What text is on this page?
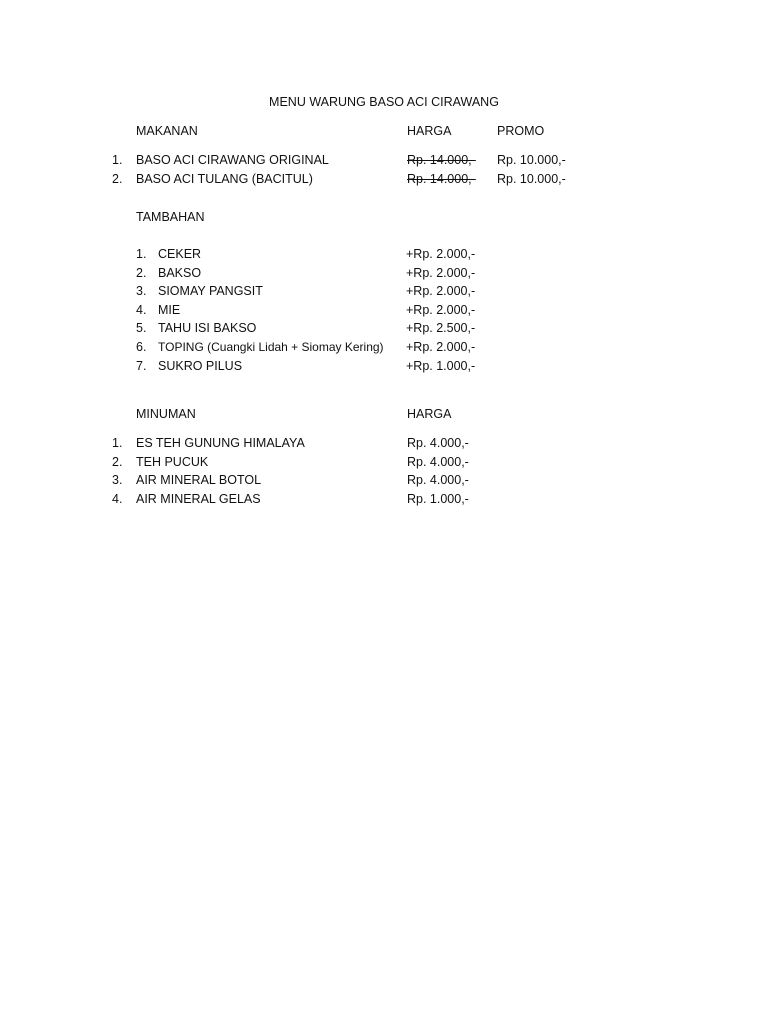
MENU WARUNG BASO ACI CIRAWANG
MAKANAN	HARGA	PROMO
1. BASO ACI CIRAWANG ORIGINAL	Rp. 14.000,- Rp. 10.000,-
2. BASO ACI TULANG (BACITUL)	Rp. 14.000,- Rp. 10.000,-
TAMBAHAN
1. CEKER	+Rp. 2.000,-
2. BAKSO	+Rp. 2.000,-
3. SIOMAY PANGSIT	+Rp. 2.000,-
4. MIE	+Rp. 2.000,-
5. TAHU ISI BAKSO	+Rp. 2.500,-
6. TOPING (Cuangki Lidah + Siomay Kering) +Rp. 2.000,-
7. SUKRO PILUS	+Rp. 1.000,-
MINUMAN	HARGA
1. ES TEH GUNUNG HIMALAYA	Rp. 4.000,-
2. TEH PUCUK	Rp. 4.000,-
3. AIR MINERAL BOTOL	Rp. 4.000,-
4. AIR MINERAL GELAS	Rp. 1.000,-
